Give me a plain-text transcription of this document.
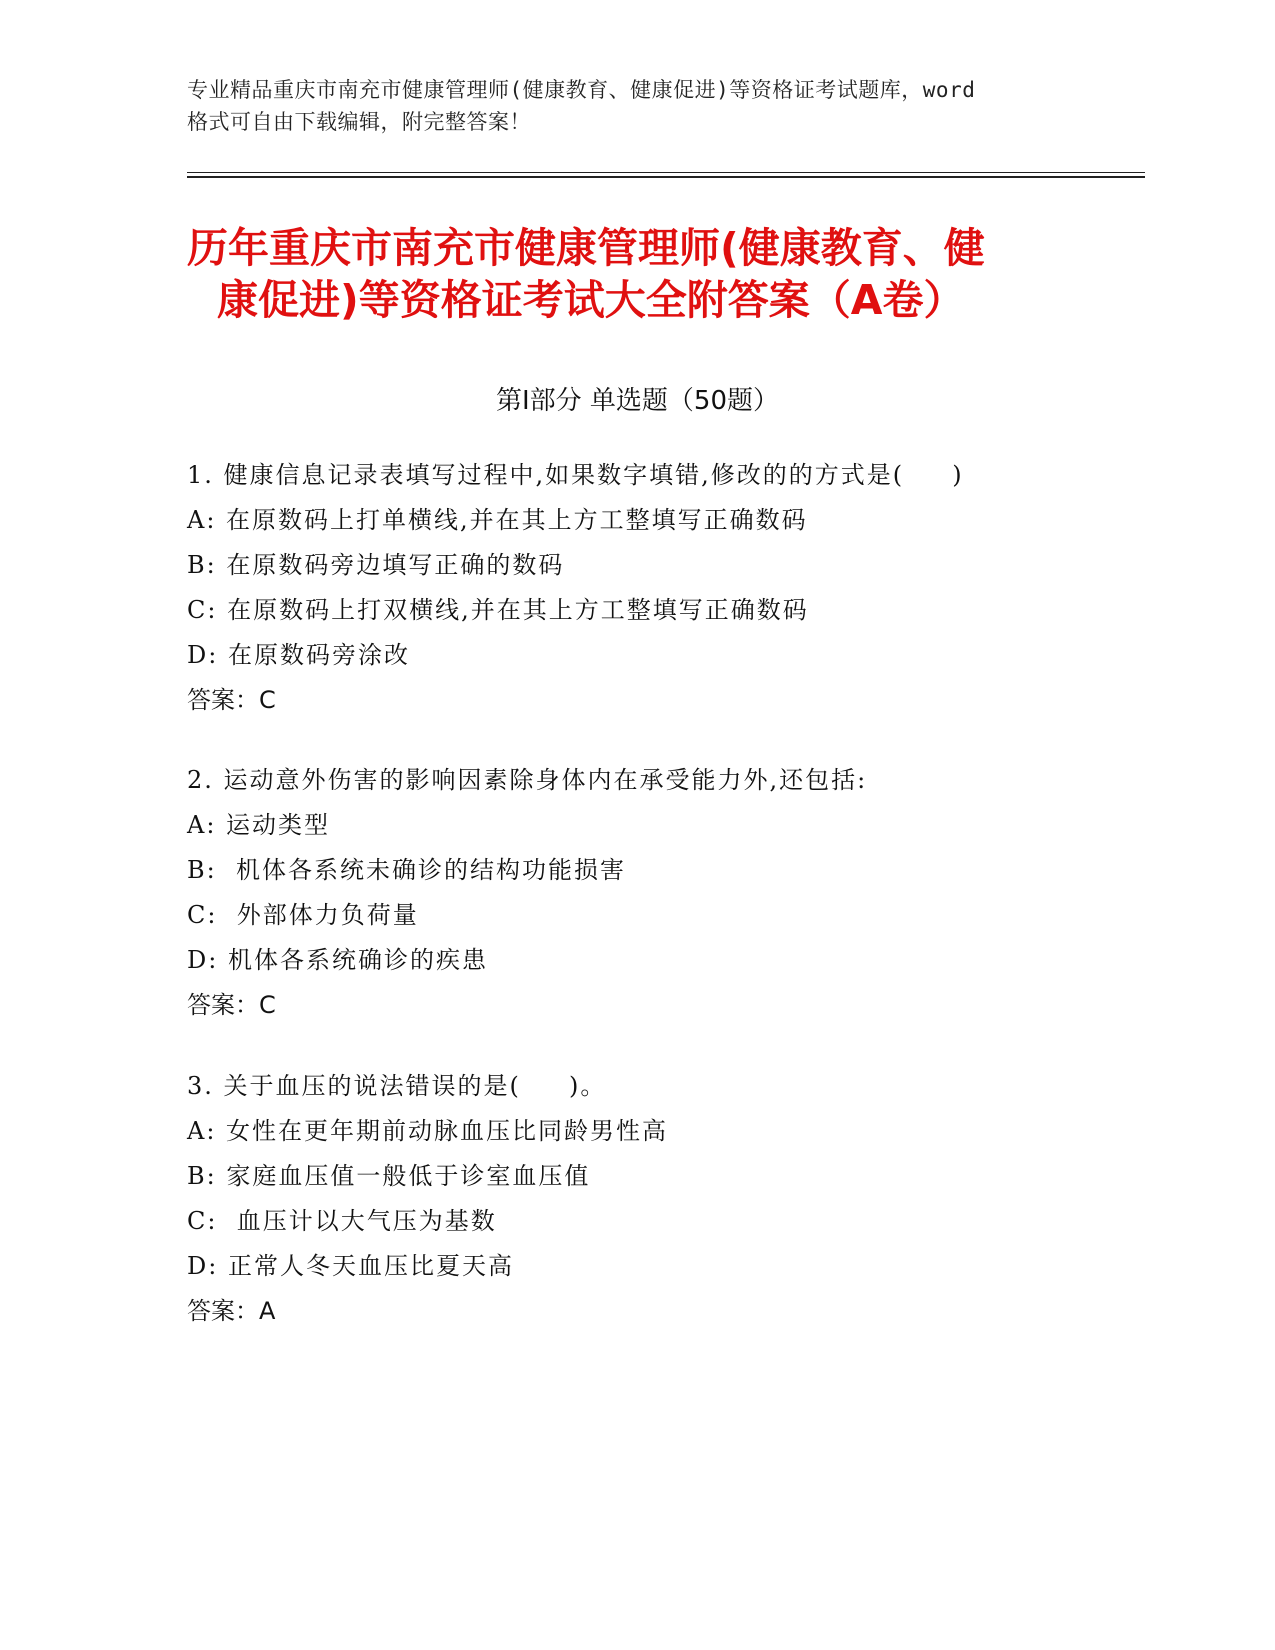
专业精品重庆市南充市健康管理师(健康教育、健康促进)等资格证考试题库，word
格式可自由下载编辑，附完整答案！
历年重庆市南充市健康管理师(健康教育、健
康促进)等资格证考试大全附答案（A卷）
第Ⅰ部分 单选题（50题）
1. 健康信息记录表填写过程中,如果数字填错,修改的的方式是(     )
A: 在原数码上打单横线,并在其上方工整填写正确数码
B: 在原数码旁边填写正确的数码
C: 在原数码上打双横线,并在其上方工整填写正确数码
D: 在原数码旁涂改
答案：C
2. 运动意外伤害的影响因素除身体内在承受能力外,还包括:
A: 运动类型
B:  机体各系统未确诊的结构功能损害
C:  外部体力负荷量
D: 机体各系统确诊的疾患
答案：C
3. 关于血压的说法错误的是(     )。
A: 女性在更年期前动脉血压比同龄男性高
B: 家庭血压值一般低于诊室血压值
C:  血压计以大气压为基数
D: 正常人冬天血压比夏天高
答案：A
